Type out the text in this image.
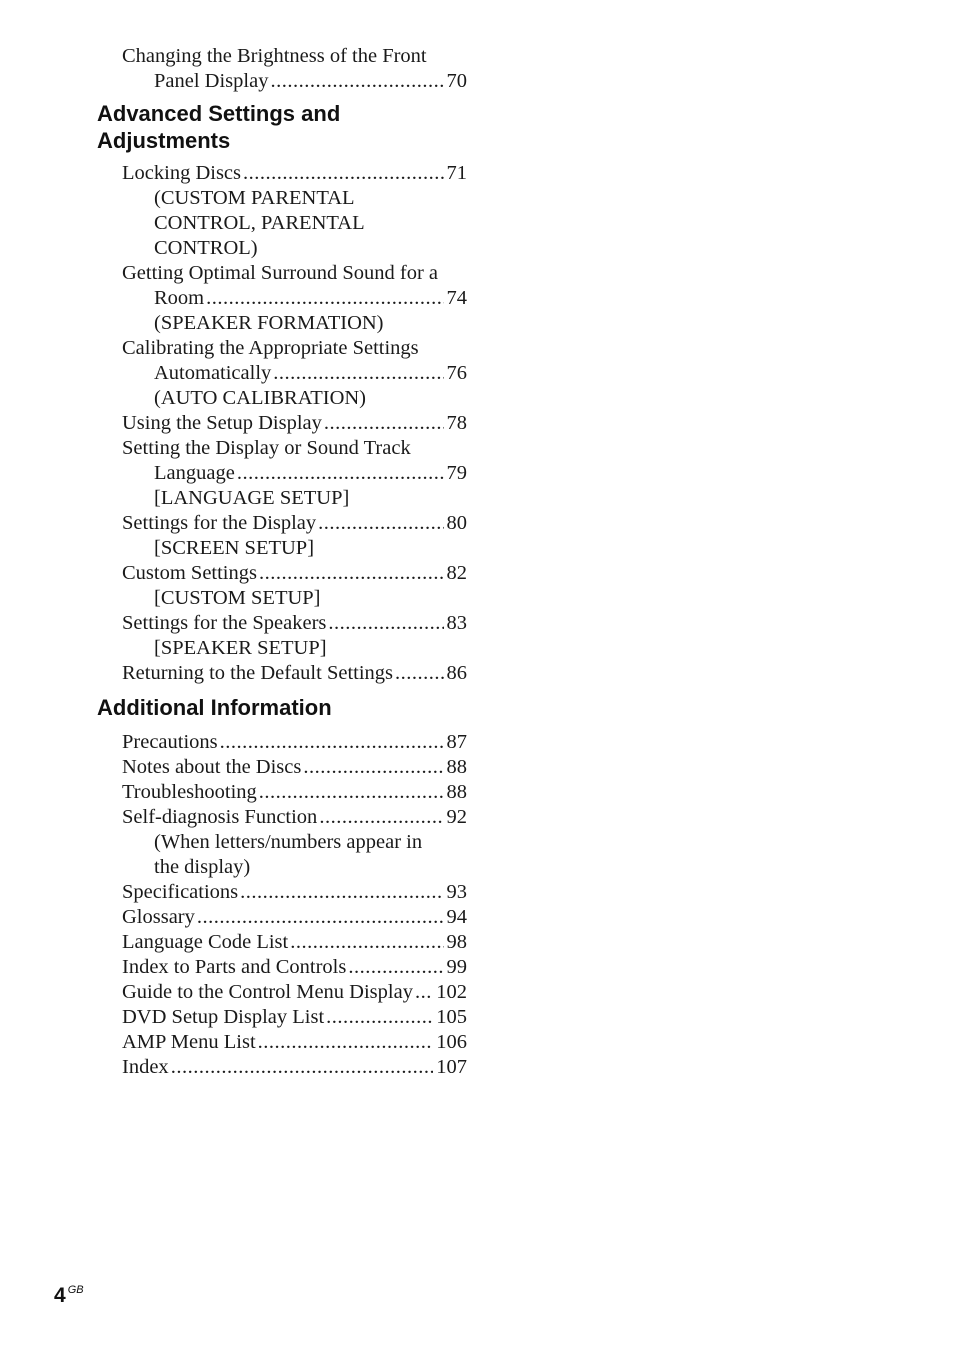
Changing the Brightness of the Front
Panel Display .....	70
Advanced Settings and
Adjustments
Locking Discs .....	71
(CUSTOM PARENTAL
CONTROL, PARENTAL
CONTROL)
Getting Optimal Surround Sound for a
Room .....	74
(SPEAKER FORMATION)
Calibrating the Appropriate Settings
Automatically .....	76
(AUTO CALIBRATION)
Using the Setup Display .....	78
Setting the Display or Sound Track
Language .....	79
[LANGUAGE SETUP]
Settings for the Display .....	80
[SCREEN SETUP]
Custom Settings .....	82
[CUSTOM SETUP]
Settings for the Speakers .....	83
[SPEAKER SETUP]
Returning to the Default Settings .....	86
Additional Information
Precautions .....	87
Notes about the Discs .....	88
Troubleshooting .....	88
Self-diagnosis Function .....	92
(When letters/numbers appear in
the display)
Specifications .....	93
Glossary .....	94
Language Code List .....	98
Index to Parts and Controls .....	99
Guide to the Control Menu Display ..... 102
DVD Setup Display List .....	105
AMP Menu List .....	106
Index .....	107
4 $^{GB}$
